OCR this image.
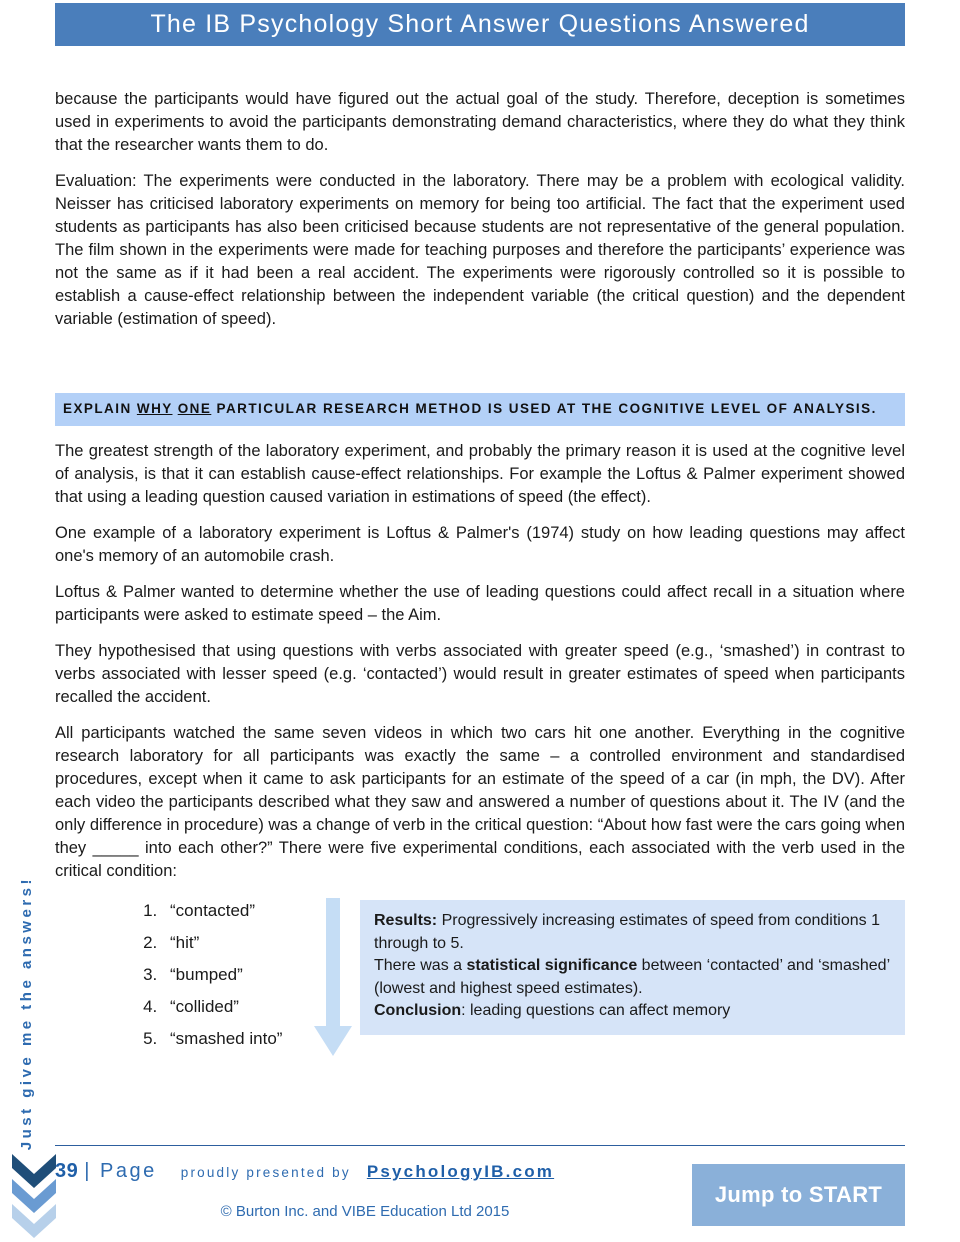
The IB Psychology Short Answer Questions Answered

because the participants would have figured out the actual goal of the study. Therefore, deception is sometimes used in experiments to avoid the participants demonstrating demand characteristics, where they do what they think that the researcher wants them to do.

Evaluation: The experiments were conducted in the laboratory. There may be a problem with ecological validity. Neisser has criticised laboratory experiments on memory for being too artificial. The fact that the experiment used students as participants has also been criticised because students are not representative of the general population. The film shown in the experiments were made for teaching purposes and therefore the participants’ experience was not the same as if it had been a real accident. The experiments were rigorously controlled so it is possible to establish a cause-effect relationship between the independent variable (the critical question) and the dependent variable (estimation of speed).

EXPLAIN WHY ONE PARTICULAR RESEARCH METHOD IS USED AT THE COGNITIVE LEVEL OF ANALYSIS.

The greatest strength of the laboratory experiment, and probably the primary reason it is used at the cognitive level of analysis, is that it can establish cause-effect relationships. For example the Loftus & Palmer experiment showed that using a leading question caused variation in estimations of speed (the effect).

One example of a laboratory experiment is Loftus & Palmer's (1974) study on how leading questions may affect one's memory of an automobile crash.

Loftus & Palmer wanted to determine whether the use of leading questions could affect recall in a situation where participants were asked to estimate speed – the Aim.

They hypothesised that using questions with verbs associated with greater speed (e.g., ‘smashed’) in contrast to verbs associated with lesser speed (e.g. ‘contacted’) would result in greater estimates of speed when participants recalled the accident.

All participants watched the same seven videos in which two cars hit one another. Everything in the cognitive research laboratory for all participants was exactly the same – a controlled environment and standardised procedures, except when it came to ask participants for an estimate of the speed of a car (in mph, the DV). After each video the participants described what they saw and answered a number of questions about it. The IV (and the only difference in procedure) was a change of verb in the critical question: “About how fast were the cars going when they _____ into each other?” There were five experimental conditions, each associated with the verb used in the critical condition:

1. “contacted”
2. “hit”
3. “bumped”
4. “collided”
5. “smashed into”
Results: Progressively increasing estimates of speed from conditions 1 through to 5.
There was a statistical significance between ‘contacted’ and ‘smashed’ (lowest and highest speed estimates).
Conclusion: leading questions can affect memory
Just give me the answers!
39 | Page proudly presented by PsychologyIB.com
© Burton Inc. and VIBE Education Ltd 2015
Jump to START
